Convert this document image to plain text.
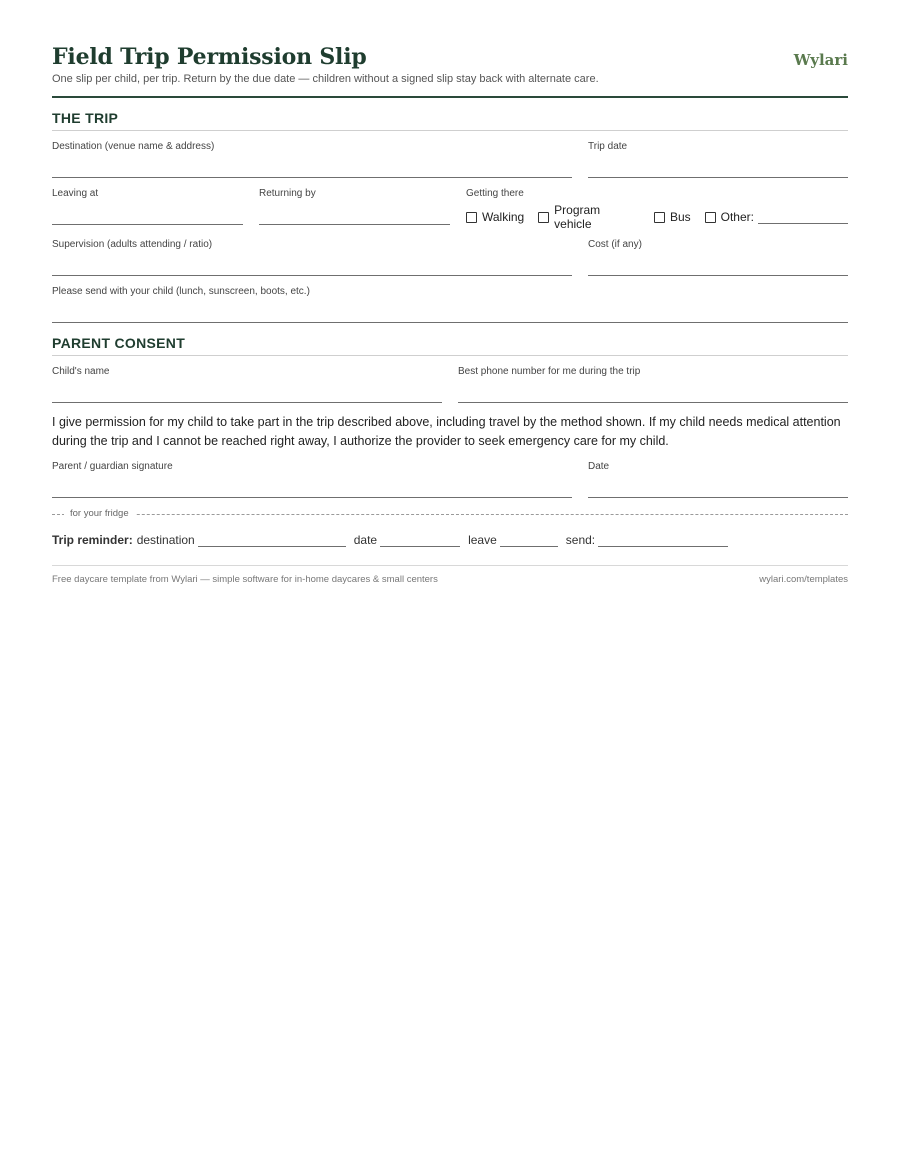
Field Trip Permission Slip
One slip per child, per trip. Return by the due date — children without a signed slip stay back with alternate care.
Wylari
THE TRIP
Destination (venue name & address)	Trip date
Leaving at	Returning by	Getting there
Walking Program vehicle	Bus	Other:
Supervision (adults attending / ratio)	Cost (if any)
Please send with your child (lunch, sunscreen, boots, etc.)
PARENT CONSENT
Child's name	Best phone number for me during the trip
I give permission for my child to take part in the trip described above, including travel by the method shown. If my child needs medical attention during the trip and I cannot be reached right away, I authorize the provider to seek emergency care for my child.
Parent / guardian signature	Date
for your fridge
Trip reminder: destination	date	leave	send:
Free daycare template from Wylari — simple software for in-home daycares & small centers	wylari.com/templates
